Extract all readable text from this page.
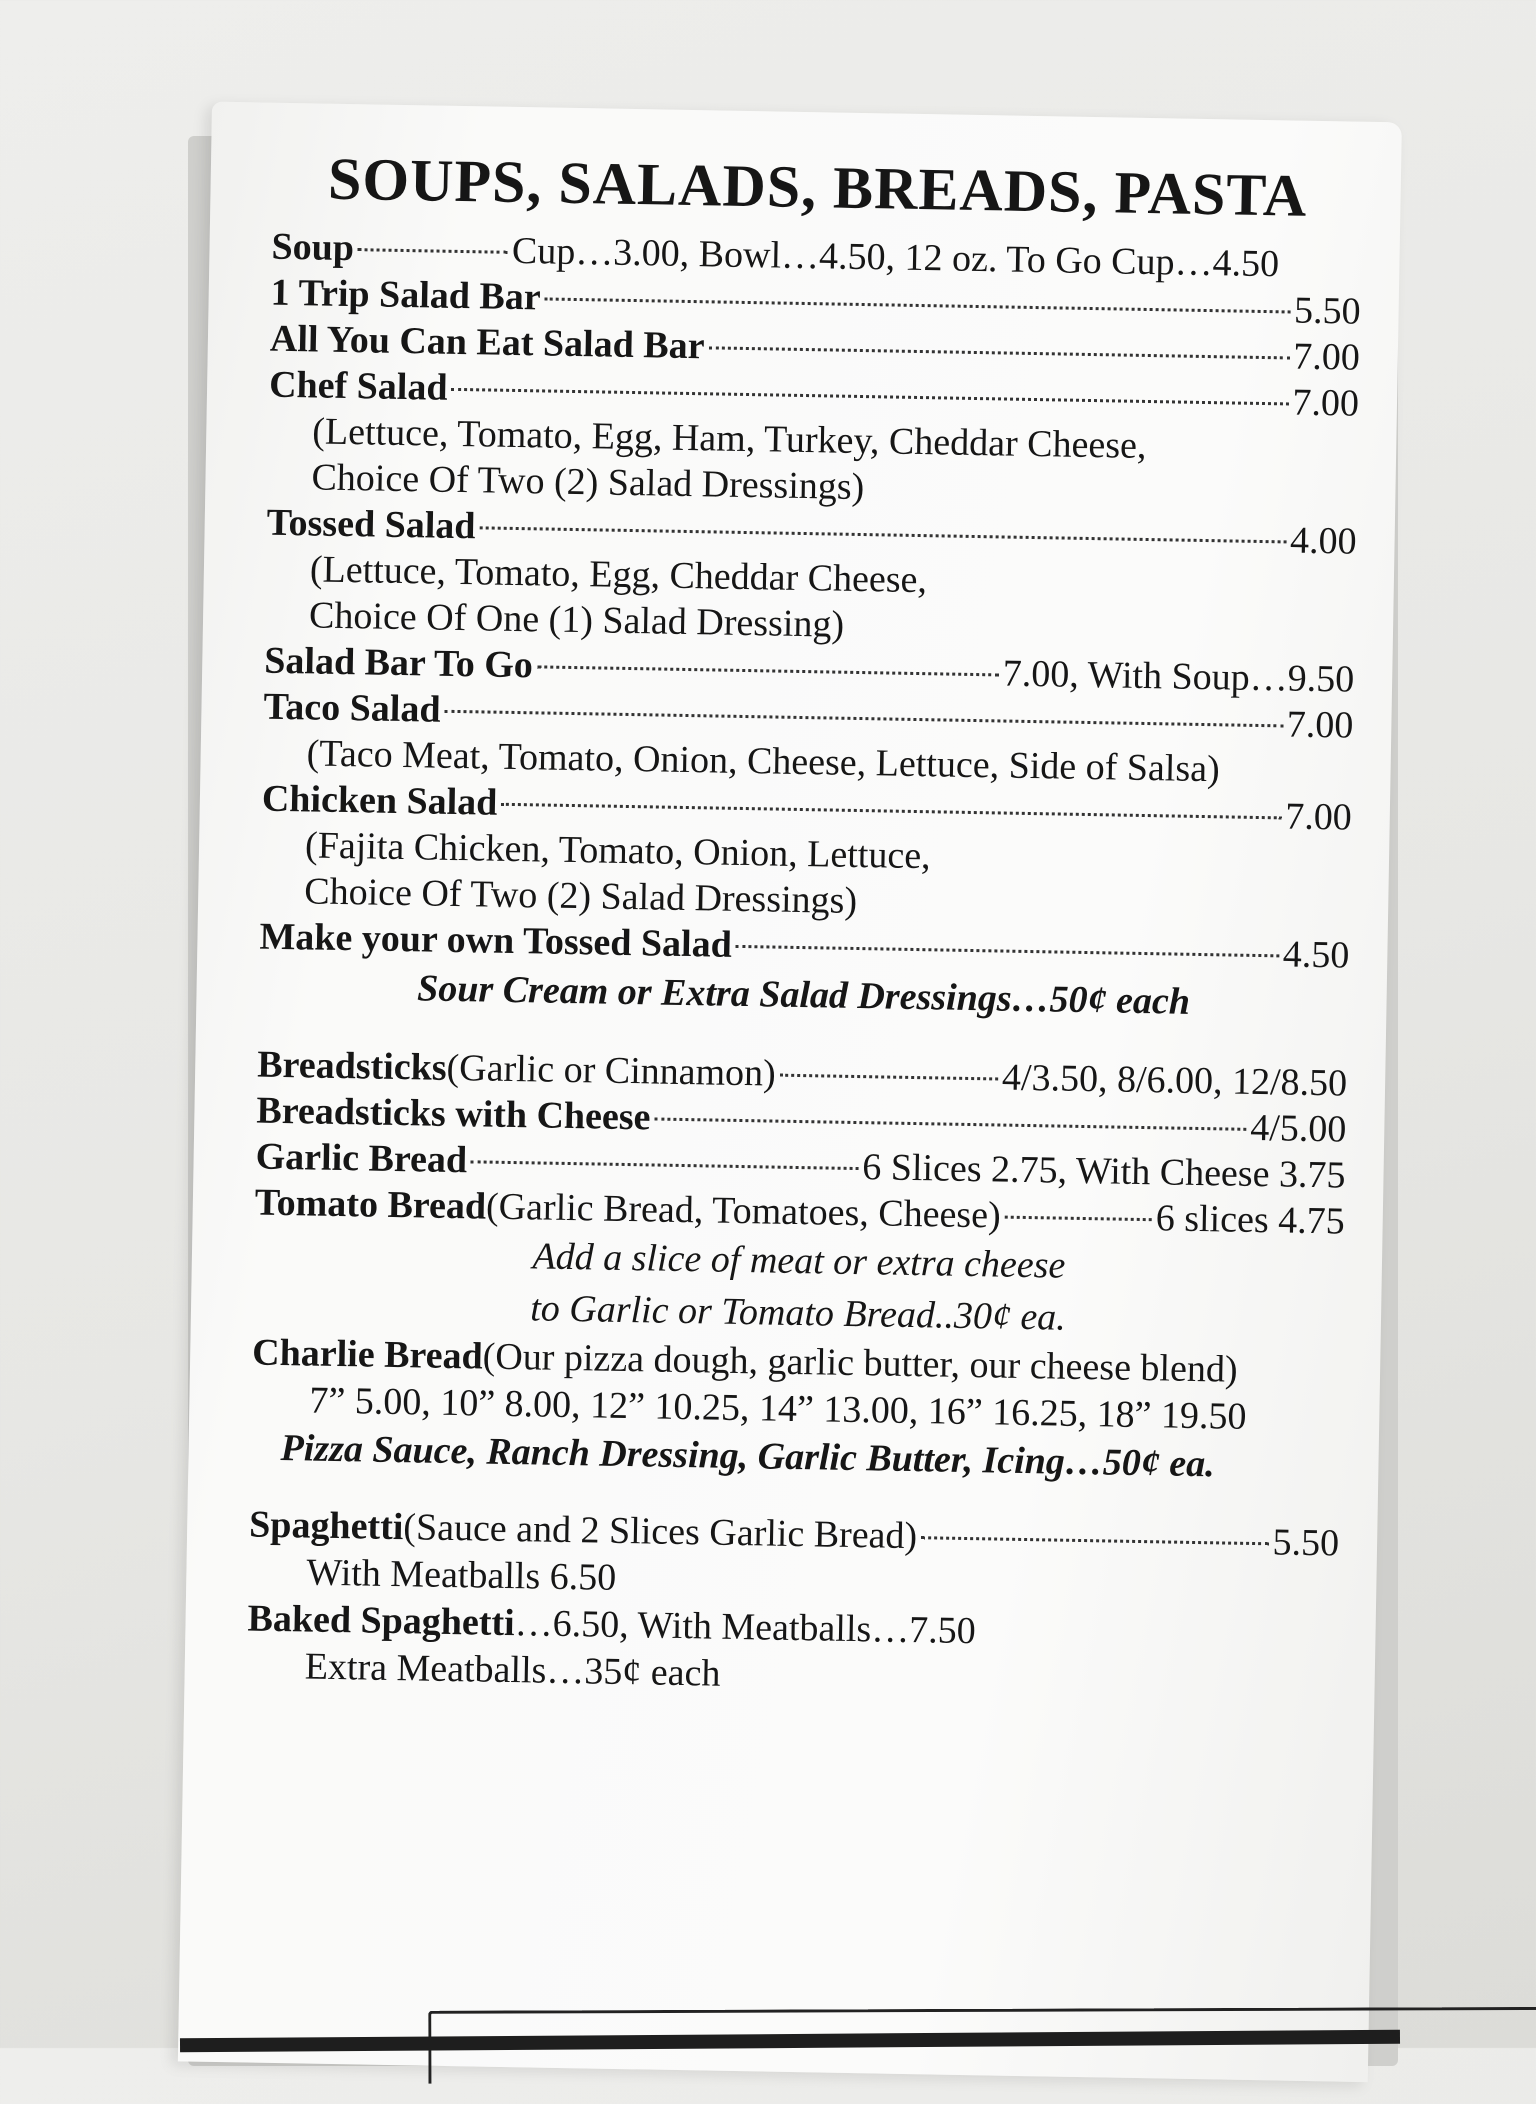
SOUPS, SALADS, BREADS, PASTA
Soup	Cup…3.00, Bowl…4.50, 12 oz. To Go Cup…4.50
1 Trip Salad Bar	5.50
All You Can Eat Salad Bar	7.00
Chef Salad	7.00
(Lettuce, Tomato, Egg, Ham, Turkey, Cheddar Cheese,
Choice Of Two (2) Salad Dressings)
Tossed Salad	4.00
(Lettuce, Tomato, Egg, Cheddar Cheese,
Choice Of One (1) Salad Dressing)
Salad Bar To Go	7.00, With Soup…9.50
Taco Salad	7.00
(Taco Meat, Tomato, Onion, Cheese, Lettuce, Side of Salsa)
Chicken Salad	7.00
(Fajita Chicken, Tomato, Onion, Lettuce,
Choice Of Two (2) Salad Dressings)
Make your own Tossed Salad	4.50
Sour Cream or Extra Salad Dressings…50¢ each
Breadsticks (Garlic or Cinnamon)	4/3.50, 8/6.00, 12/8.50
Breadsticks with Cheese	4/5.00
Garlic Bread	6 Slices 2.75, With Cheese 3.75
Tomato Bread (Garlic Bread, Tomatoes, Cheese)	6 slices 4.75
Add a slice of meat or extra cheese
to Garlic or Tomato Bread..30¢ ea.
Charlie Bread (Our pizza dough, garlic butter, our cheese blend)
7” 5.00, 10” 8.00, 12” 10.25, 14” 13.00, 16” 16.25, 18” 19.50
Pizza Sauce, Ranch Dressing, Garlic Butter, Icing…50¢ ea.
Spaghetti (Sauce and 2 Slices Garlic Bread)	5.50
With Meatballs 6.50
Baked Spaghetti …6.50, With Meatballs…7.50
Extra Meatballs…35¢ each
